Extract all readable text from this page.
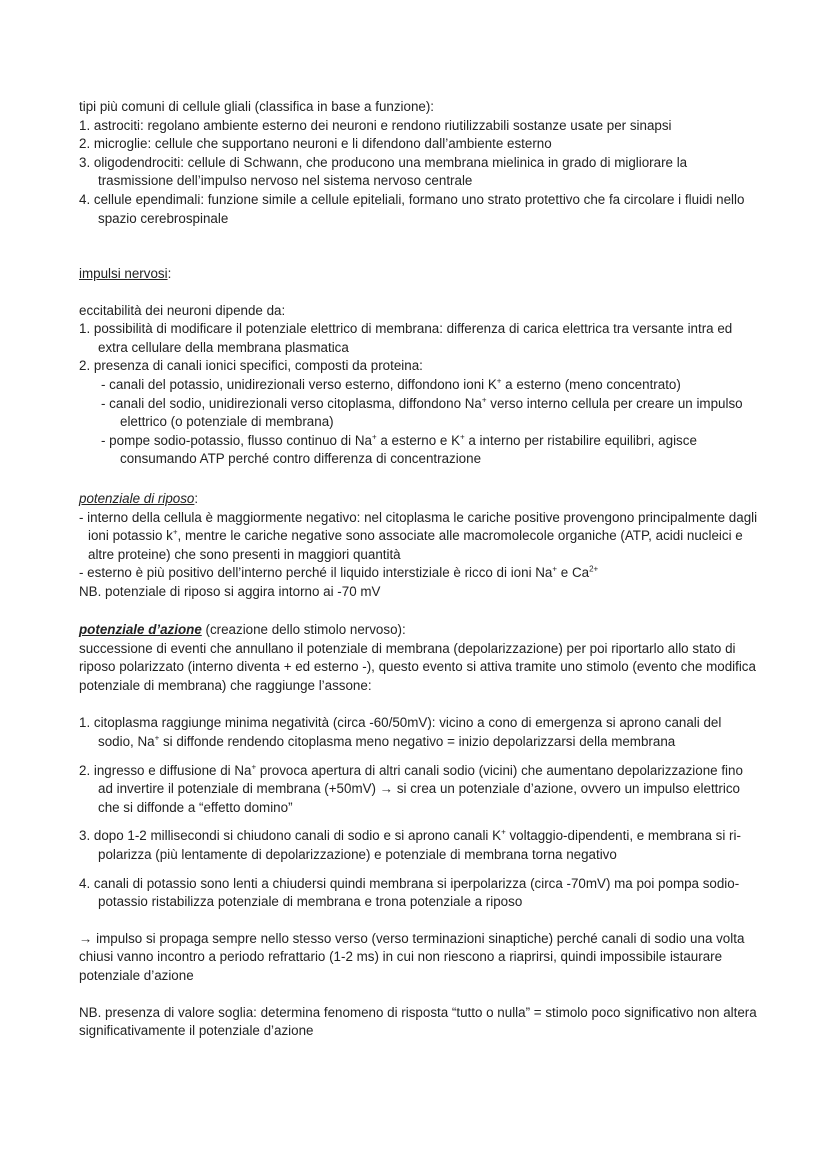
tipi più comuni di cellule gliali (classifica in base a funzione):

1. astrociti: regolano ambiente esterno dei neuroni e rendono riutilizzabili sostanze usate per sinapsi

2. microglie: cellule che supportano neuroni e li difendono dall’ambiente esterno

3. oligodendrociti: cellule di Schwann, che producono una membrana mielinica in grado di migliorare la trasmissione dell’impulso nervoso nel sistema nervoso centrale

4. cellule ependimali: funzione simile a cellule epiteliali, formano uno strato protettivo che fa circolare i fluidi nello spazio cerebrospinale

impulsi nervosi:

eccitabilità dei neuroni dipende da:

1. possibilità di modificare il potenziale elettrico di membrana: differenza di carica elettrica tra versante intra ed extra cellulare della membrana plasmatica

2. presenza di canali ionici specifici, composti da proteina:

- canali del potassio, unidirezionali verso esterno, diffondono ioni K+ a esterno (meno concentrato)

- canali del sodio, unidirezionali verso citoplasma, diffondono Na+ verso interno cellula per creare un impulso elettrico (o potenziale di membrana)

- pompe sodio-potassio, flusso continuo di Na+ a esterno e K+ a interno per ristabilire equilibri, agisce consumando ATP perché contro differenza di concentrazione

potenziale di riposo:

- interno della cellula è maggiormente negativo: nel citoplasma le cariche positive provengono principalmente dagli ioni potassio k+, mentre le cariche negative sono associate alle macromolecole organiche (ATP, acidi nucleici e altre proteine) che sono presenti in maggiori quantità

- esterno è più positivo dell’interno perché il liquido interstiziale è ricco di ioni Na+ e $Ca^{2+}$

NB. potenziale di riposo si aggira intorno ai -70 mV

potenziale d’azione (creazione dello stimolo nervoso):

successione di eventi che annullano il potenziale di membrana (depolarizzazione) per poi riportarlo allo stato di riposo polarizzato (interno diventa + ed esterno -), questo evento si attiva tramite uno stimolo (evento che modifica potenziale di membrana) che raggiunge l’assone:

1. citoplasma raggiunge minima negatività (circa -60/50mV): vicino a cono di emergenza si aprono canali del sodio, Na+ si diffonde rendendo citoplasma meno negativo = inizio depolarizzarsi della membrana

2. ingresso e diffusione di Na+ provoca apertura di altri canali sodio (vicini) che aumentano depolarizzazione fino ad invertire il potenziale di membrana (+50mV) → si crea un potenziale d’azione, ovvero un impulso elettrico che si diffonde a “effetto domino”

3. dopo 1-2 millisecondi si chiudono canali di sodio e si aprono canali K+ voltaggio-dipendenti, e membrana si ri-polarizza (più lentamente di depolarizzazione) e potenziale di membrana torna negativo

4. canali di potassio sono lenti a chiudersi quindi membrana si iperpolarizza (circa -70mV) ma poi pompa sodio-potassio ristabilizza potenziale di membrana e trona potenziale a riposo

→ impulso si propaga sempre nello stesso verso (verso terminazioni sinaptiche) perché canali di sodio una volta chiusi vanno incontro a periodo refrattario (1-2 ms) in cui non riescono a riaprirsi, quindi impossibile istaurare potenziale d’azione

NB. presenza di valore soglia: determina fenomeno di risposta “tutto o nulla” = stimolo poco significativo non altera significativamente il potenziale d’azione
